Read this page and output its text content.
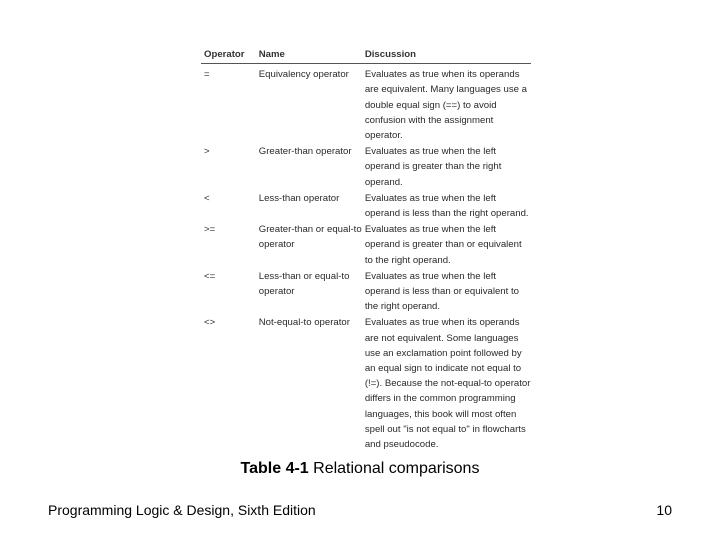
Operator	Name	Discussion
=	Equivalency operator	Evaluates as true when its operands are equivalent. Many languages use a double equal sign (==) to avoid confusion with the assignment operator.
>	Greater-than operator	Evaluates as true when the left operand is greater than the right operand.
<	Less-than operator	Evaluates as true when the left operand is less than the right operand.
>=	Greater-than or equal-to operator	Evaluates as true when the left operand is greater than or equivalent to the right operand.
<=	Less-than or equal-to operator	Evaluates as true when the left operand is less than or equivalent to the right operand.
<>	Not-equal-to operator	Evaluates as true when its operands are not equivalent. Some languages use an exclamation point followed by an equal sign to indicate not equal to (!=). Because the not-equal-to operator differs in the common programming languages, this book will most often spell out "is not equal to" in flowcharts and pseudocode.
Table 4-1 Relational comparisons
Programming Logic & Design, Sixth Edition	10
